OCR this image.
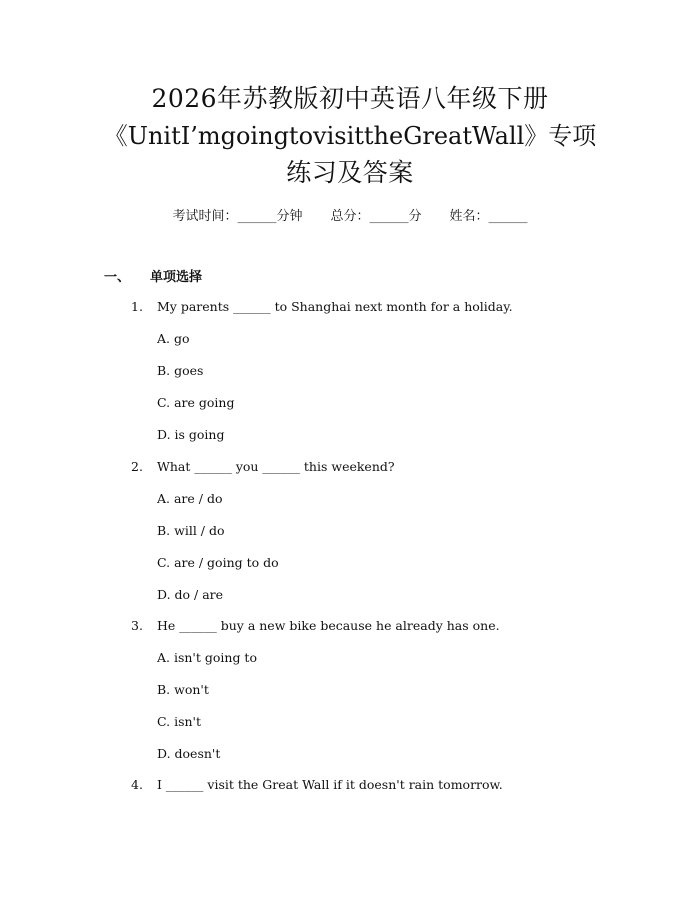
2026年苏教版初中英语八年级下册
《UnitI’mgoingtovisittheGreatWall》专项
练习及答案
考试时间：______分钟 总分：______分 姓名：______
一、 单项选择
1. My parents ______ to Shanghai next month for a holiday.
A. go
B. goes
C. are going
D. is going
2. What ______ you ______ this weekend?
A. are / do
B. will / do
C. are / going to do
D. do / are
3. He ______ buy a new bike because he already has one.
A. isn't going to
B. won't
C. isn't
D. doesn't
4. I ______ visit the Great Wall if it doesn't rain tomorrow.
